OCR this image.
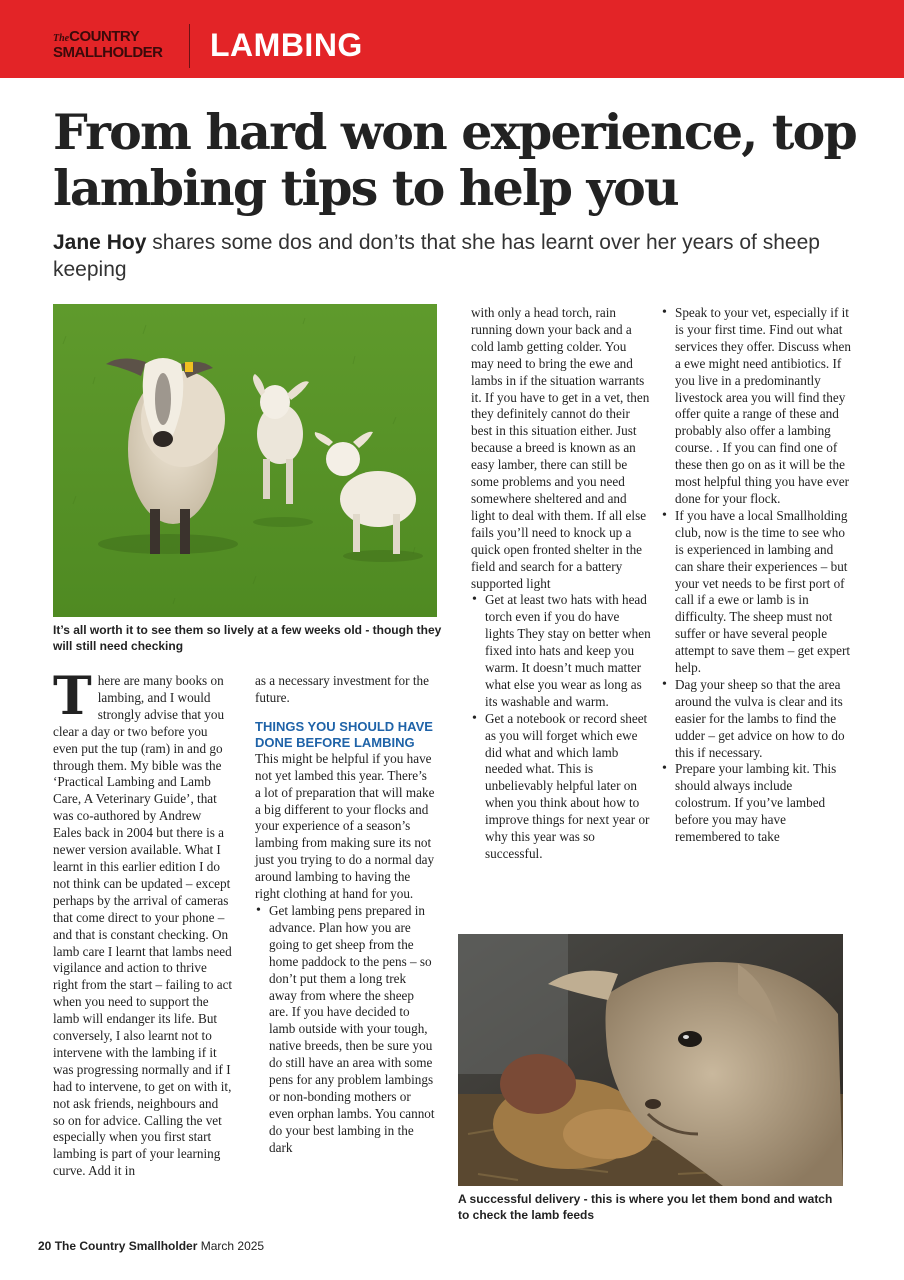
TheCOUNTRY
SMALLHOLDER LAMBING
From hard won experience, top lambing tips to help you
Jane Hoy shares some dos and don’ts that she has learnt over her years of sheep keeping
It’s all worth it to see them so lively at a few weeks old - though they will still need checking

There are many books on lambing, and I would strongly advise that you clear a day or two before you even put the tup (ram) in and go through them. My bible was the ‘Practical Lambing and Lamb Care, A Veterinary Guide’, that was co-authored by Andrew Eales back in 2004 but there is a newer version available. What I learnt in this earlier edition I do not think can be updated – except perhaps by the arrival of cameras that come direct to your phone – and that is constant checking. On lamb care I learnt that lambs need vigilance and action to thrive right from the start – failing to act when you need to support the lamb will endanger its life. But conversely, I also learnt not to intervene with the lambing if it was progressing normally and if I had to intervene, to get on with it, not ask friends, neighbours and so on for advice. Calling the vet especially when you first start lambing is part of your learning curve. Add it in

as a necessary investment for the future.

THINGS YOU SHOULD HAVE DONE BEFORE LAMBING

This might be helpful if you have not yet lambed this year. There’s a lot of preparation that will make a big different to your flocks and your experience of a season’s lambing from making sure its not just you trying to do a normal day around lambing to having the right clothing at hand for you.

• Get lambing pens prepared in advance. Plan how you are going to get sheep from the home paddock to the pens – so don’t put them a long trek away from where the sheep are. If you have decided to lamb outside with your tough, native breeds, then be sure you do still have an area with some pens for any problem lambings or non-bonding mothers or even orphan lambs. You cannot do your best lambing in the dark

with only a head torch, rain running down your back and a cold lamb getting colder. You may need to bring the ewe and lambs in if the situation warrants it. If you have to get in a vet, then they definitely cannot do their best in this situation either. Just because a breed is known as an easy lamber, there can still be some problems and you need somewhere sheltered and and light to deal with them. If all else fails you’ll need to knock up a quick open fronted shelter in the field and search for a battery supported light

• Get at least two hats with head torch even if you do have lights They stay on better when fixed into hats and keep you warm. It doesn’t much matter what else you wear as long as its washable and warm.
• Get a notebook or record sheet as you will forget which ewe did what and which lamb needed what. This is unbelievably helpful later on when you think about how to improve things for next year or why this year was so successful.
• Speak to your vet, especially if it is your first time. Find out what services they offer. Discuss when a ewe might need antibiotics. If you live in a predominantly livestock area you will find they offer quite a range of these and probably also offer a lambing course. . If you can find one of these then go on as it will be the most helpful thing you have ever done for your flock.
• If you have a local Smallholding club, now is the time to see who is experienced in lambing and can share their experiences – but your vet needs to be first port of call if a ewe or lamb is in difficulty. The sheep must not suffer or have several people attempt to save them – get expert help.
• Dag your sheep so that the area around the vulva is clear and its easier for the lambs to find the udder – get advice on how to do this if necessary.
• Prepare your lambing kit. This should always include colostrum. If you’ve lambed before you may have remembered to take
A successful delivery - this is where you let them bond and watch to check the lamb feeds
20 The Country Smallholder March 2025
